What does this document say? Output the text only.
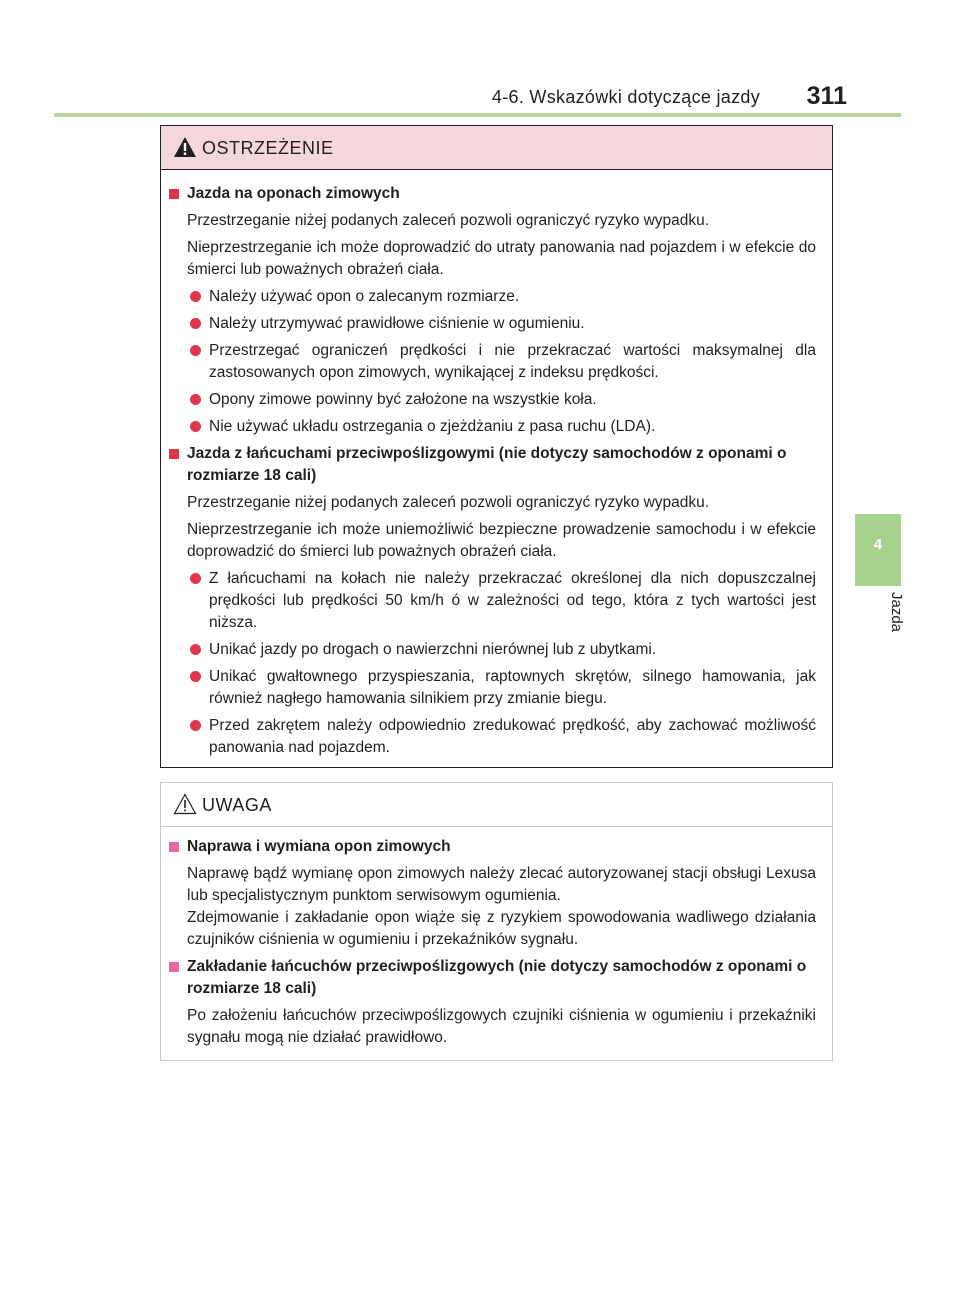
4-6. Wskazówki dotyczące jazdy 311
4
Jazda
OSTRZEŻENIE
Jazda na oponach zimowych
Przestrzeganie niżej podanych zaleceń pozwoli ograniczyć ryzyko wypadku.
Nieprzestrzeganie ich może doprowadzić do utraty panowania nad pojazdem i w efekcie do śmierci lub poważnych obrażeń ciała.
Należy używać opon o zalecanym rozmiarze.
Należy utrzymywać prawidłowe ciśnienie w ogumieniu.
Przestrzegać ograniczeń prędkości i nie przekraczać wartości maksymalnej dla zastosowanych opon zimowych, wynikającej z indeksu prędkości.
Opony zimowe powinny być założone na wszystkie koła.
Nie używać układu ostrzegania o zjeżdżaniu z pasa ruchu (LDA).
Jazda z łańcuchami przeciwpoślizgowymi (nie dotyczy samochodów z oponami o rozmiarze 18 cali)
Przestrzeganie niżej podanych zaleceń pozwoli ograniczyć ryzyko wypadku.
Nieprzestrzeganie ich może uniemożliwić bezpieczne prowadzenie samochodu i w efekcie doprowadzić do śmierci lub poważnych obrażeń ciała.
Z łańcuchami na kołach nie należy przekraczać określonej dla nich dopuszczalnej prędkości lub prędkości 50 km/h ó w zależności od tego, która z tych wartości jest niższa.
Unikać jazdy po drogach o nawierzchni nierównej lub z ubytkami.
Unikać gwałtownego przyspieszania, raptownych skrętów, silnego hamowania, jak również nagłego hamowania silnikiem przy zmianie biegu.
Przed zakrętem należy odpowiednio zredukować prędkość, aby zachować możliwość panowania nad pojazdem.
UWAGA
Naprawa i wymiana opon zimowych
Naprawę bądź wymianę opon zimowych należy zlecać autoryzowanej stacji obsługi Lexusa lub specjalistycznym punktom serwisowym ogumienia.
Zdejmowanie i zakładanie opon wiąże się z ryzykiem spowodowania wadliwego działania czujników ciśnienia w ogumieniu i przekaźników sygnału.
Zakładanie łańcuchów przeciwpoślizgowych (nie dotyczy samochodów z oponami o rozmiarze 18 cali)
Po założeniu łańcuchów przeciwpoślizgowych czujniki ciśnienia w ogumieniu i przekaźniki sygnału mogą nie działać prawidłowo.
